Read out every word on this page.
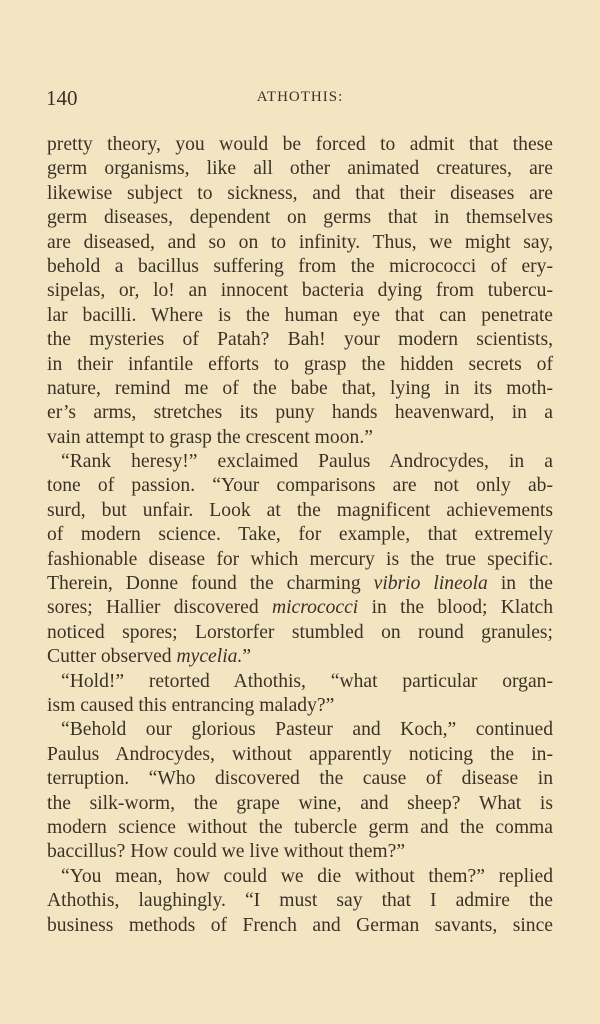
140	ATHOTHIS:
pretty theory, you would be forced to admit that these
germ organisms, like all other animated creatures, are
likewise subject to sickness, and that their diseases are
germ diseases, dependent on germs that in themselves
are diseased, and so on to infinity. Thus, we might say,
behold a bacillus suffering from the micrococci of ery-
sipelas, or, lo! an innocent bacteria dying from tubercu-
lar bacilli. Where is the human eye that can penetrate
the mysteries of Patah? Bah! your modern scientists,
in their infantile efforts to grasp the hidden secrets of
nature, remind me of the babe that, lying in its moth-
er’s arms, stretches its puny hands heavenward, in a
vain attempt to grasp the crescent moon.”
“Rank heresy!” exclaimed Paulus Androcydes, in a
tone of passion. “Your comparisons are not only ab-
surd, but unfair. Look at the magnificent achievements
of modern science. Take, for example, that extremely
fashionable disease for which mercury is the true specific.
Therein, Donne found the charming vibrio lineola in the
sores; Hallier discovered micrococci in the blood; Klatch
noticed spores; Lorstorfer stumbled on round granules;
Cutter observed mycelia.”
“Hold!” retorted Athothis, “what particular organ-
ism caused this entrancing malady?”
“Behold our glorious Pasteur and Koch,” continued
Paulus Androcydes, without apparently noticing the in-
terruption. “Who discovered the cause of disease in
the silk-worm, the grape wine, and sheep? What is
modern science without the tubercle germ and the comma
baccillus? How could we live without them?”
“You mean, how could we die without them?” replied
Athothis, laughingly. “I must say that I admire the
business methods of French and German savants, since
